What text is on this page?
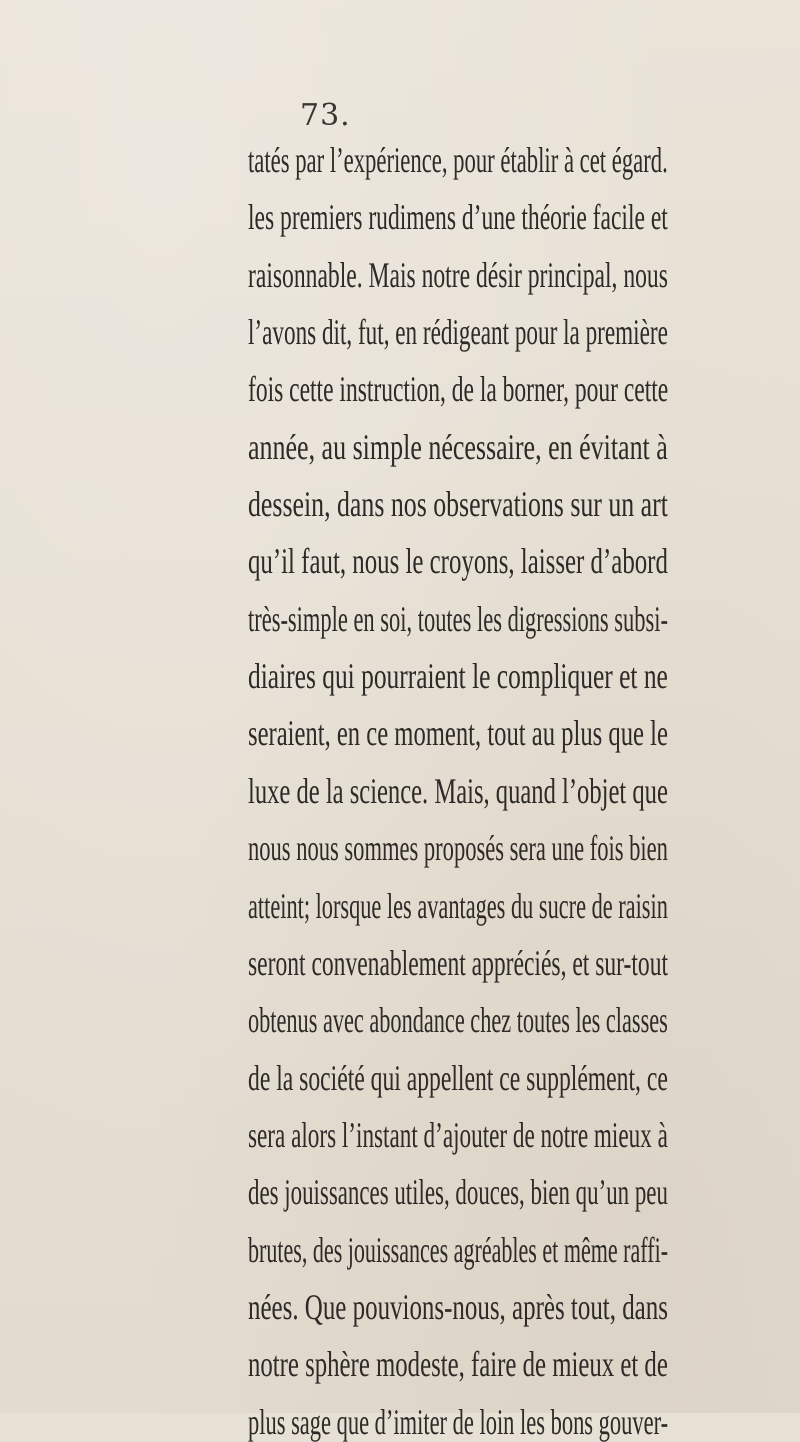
73.
tatés par l’expérience, pour établir à cet égard.
les premiers rudimens d’une théorie facile et
raisonnable. Mais notre désir principal, nous
l’avons dit, fut, en rédigeant pour la première
fois cette instruction, de la borner, pour cette
année, au simple nécessaire, en évitant à
dessein, dans nos observations sur un art
qu’il faut, nous le croyons, laisser d’abord
très-simple en soi, toutes les digressions subsi-
diaires qui pourraient le compliquer et ne
seraient, en ce moment, tout au plus que le
luxe de la science. Mais, quand l’objet que
nous nous sommes proposés sera une fois bien
atteint; lorsque les avantages du sucre de raisin
seront convenablement appréciés, et sur-tout
obtenus avec abondance chez toutes les classes
de la société qui appellent ce supplément, ce
sera alors l’instant d’ajouter de notre mieux à
des jouissances utiles, douces, bien qu’un peu
brutes, des jouissances agréables et même raffi-
nées. Que pouvions-nous, après tout, dans
notre sphère modeste, faire de mieux et de
plus sage que d’imiter de loin les bons gouver-
